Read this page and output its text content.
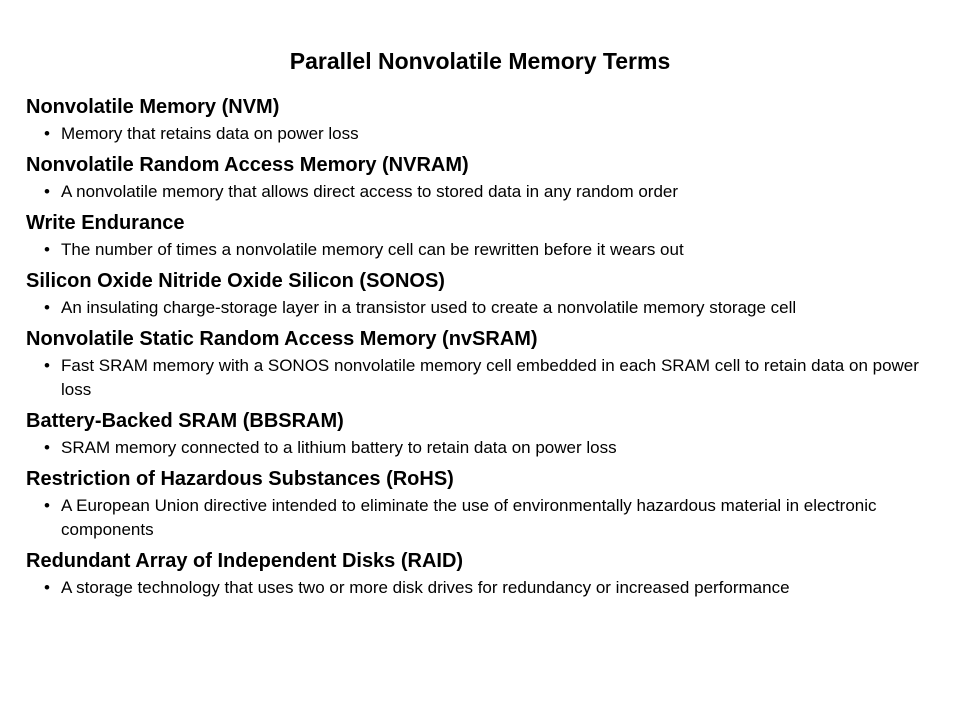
Parallel Nonvolatile Memory Terms
Nonvolatile Memory (NVM)
• Memory that retains data on power loss
Nonvolatile Random Access Memory (NVRAM)
• A nonvolatile memory that allows direct access to stored data in any random order
Write Endurance
• The number of times a nonvolatile memory cell can be rewritten before it wears out
Silicon Oxide Nitride Oxide Silicon (SONOS)
• An insulating charge-storage layer in a transistor used to create a nonvolatile memory storage cell
Nonvolatile Static Random Access Memory (nvSRAM)
• Fast SRAM memory with a SONOS nonvolatile memory cell embedded in each SRAM cell to retain data on power loss
Battery-Backed SRAM (BBSRAM)
• SRAM memory connected to a lithium battery to retain data on power loss
Restriction of Hazardous Substances (RoHS)
• A European Union directive intended to eliminate the use of environmentally hazardous material in electronic components
Redundant Array of Independent Disks (RAID)
• A storage technology that uses two or more disk drives for redundancy or increased performance
